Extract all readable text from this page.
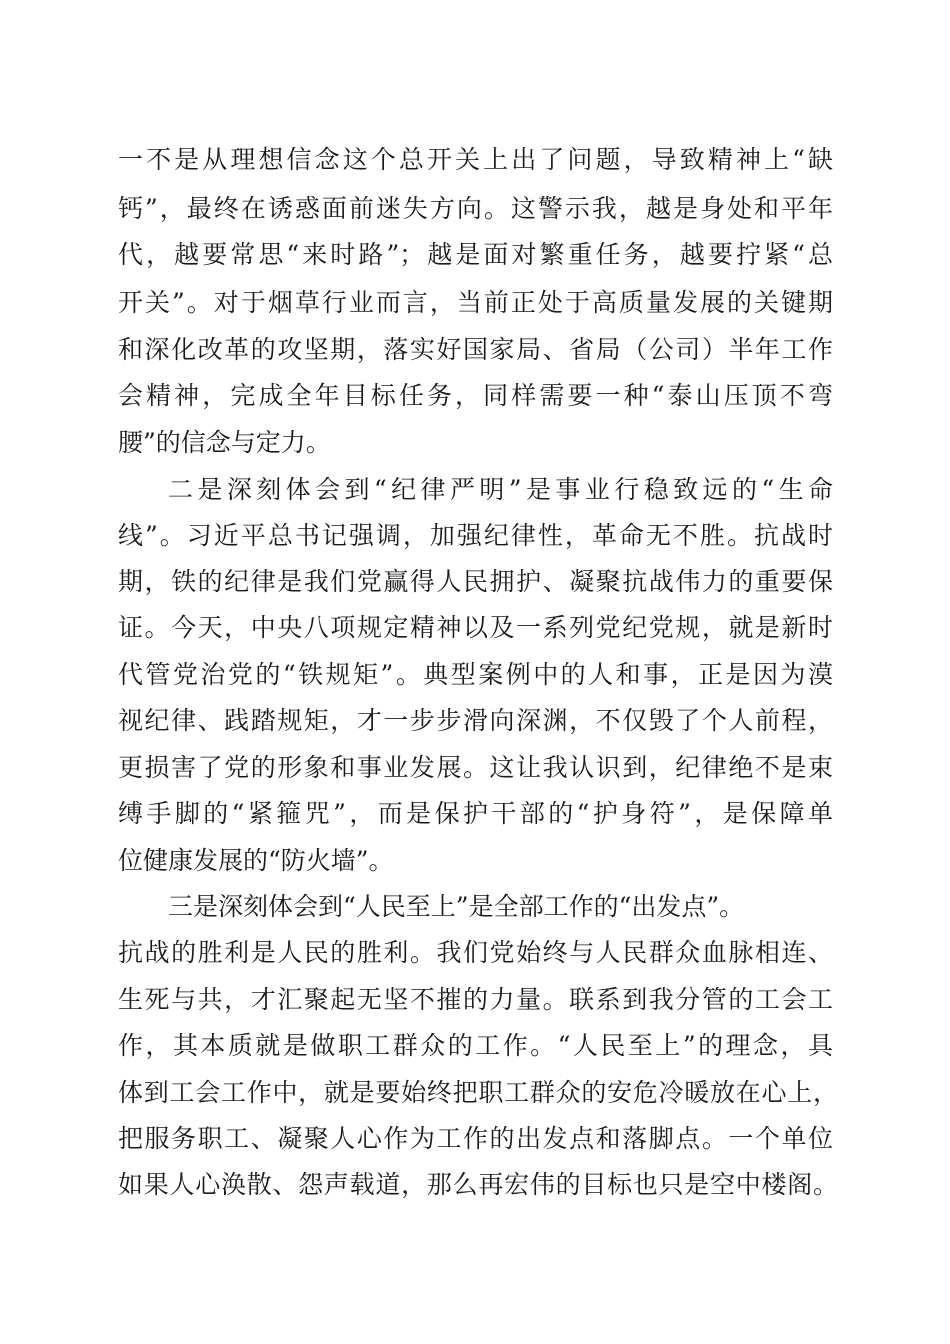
一不是从理想信念这个总开关上出了问题，导致精神上“缺
钙”，最终在诱惑面前迷失方向。这警示我，越是身处和平年
代，越要常思“来时路”；越是面对繁重任务，越要拧紧“总
开关”。对于烟草行业而言，当前正处于高质量发展的关键期
和深化改革的攻坚期，落实好国家局、省局（公司）半年工作
会精神，完成全年目标任务，同样需要一种“泰山压顶不弯
腰”的信念与定力。
二是深刻体会到“纪律严明”是事业行稳致远的“生命
线”。习近平总书记强调，加强纪律性，革命无不胜。抗战时
期，铁的纪律是我们党赢得人民拥护、凝聚抗战伟力的重要保
证。今天，中央八项规定精神以及一系列党纪党规，就是新时
代管党治党的“铁规矩”。典型案例中的人和事，正是因为漠
视纪律、践踏规矩，才一步步滑向深渊，不仅毁了个人前程，
更损害了党的形象和事业发展。这让我认识到，纪律绝不是束
缚手脚的“紧箍咒”，而是保护干部的“护身符”，是保障单
位健康发展的“防火墙”。
三是深刻体会到“人民至上”是全部工作的“出发点”。
抗战的胜利是人民的胜利。我们党始终与人民群众血脉相连、
生死与共，才汇聚起无坚不摧的力量。联系到我分管的工会工
作，其本质就是做职工群众的工作。“人民至上”的理念，具
体到工会工作中，就是要始终把职工群众的安危冷暖放在心上，
把服务职工、凝聚人心作为工作的出发点和落脚点。一个单位
如果人心涣散、怨声载道，那么再宏伟的目标也只是空中楼阁。
